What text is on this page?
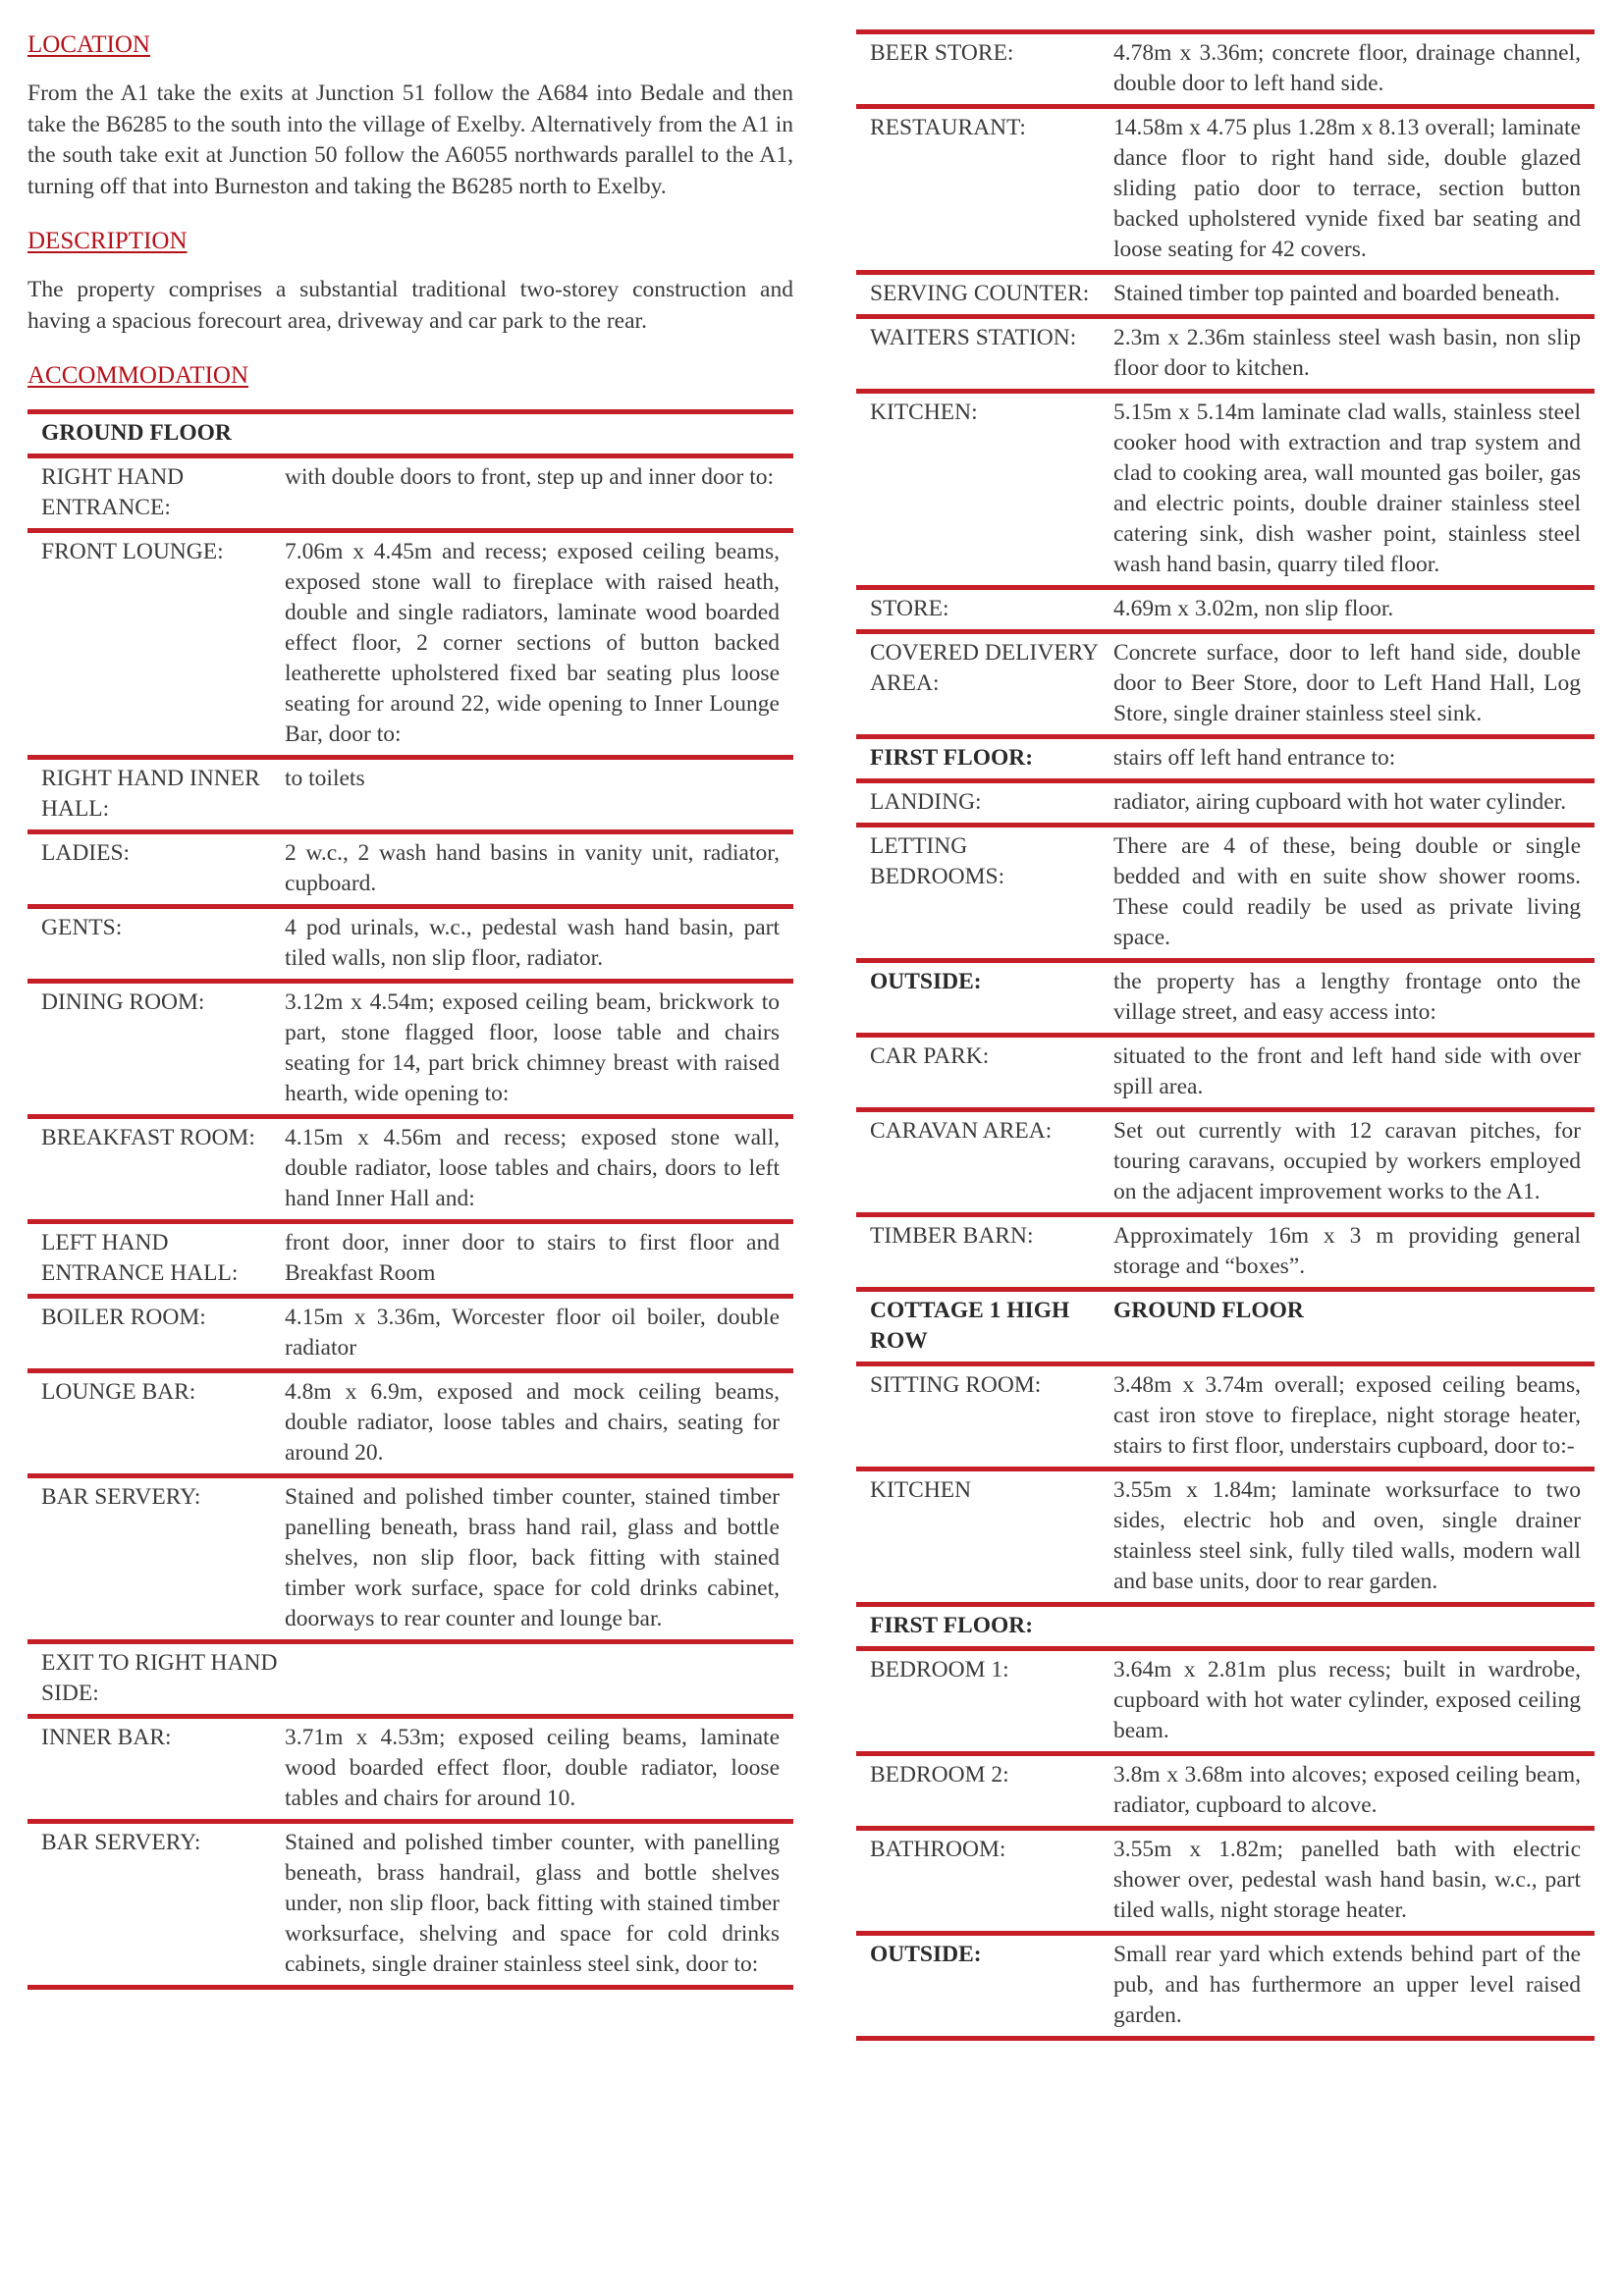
LOCATION

From the A1 take the exits at Junction 51 follow the A684 into Bedale and then take the B6285 to the south into the village of Exelby. Alternatively from the A1 in the south take exit at Junction 50 follow the A6055 northwards parallel to the A1, turning off that into Burneston and taking the B6285 north to Exelby.

DESCRIPTION

The property comprises a substantial traditional two-storey construction and having a spacious forecourt area, driveway and car park to the rear.

ACCOMMODATION
GROUND FLOOR	
RIGHT HAND ENTRANCE:	with double doors to front, step up and inner door to:
FRONT LOUNGE:	7.06m x 4.45m and recess; exposed ceiling beams, exposed stone wall to fireplace with raised heath, double and single radiators, laminate wood boarded effect floor, 2 corner sections of button backed leatherette upholstered fixed bar seating plus loose seating for around 22, wide opening to Inner Lounge Bar, door to:
RIGHT HAND INNER HALL:	to toilets
LADIES:	2 w.c., 2 wash hand basins in vanity unit, radiator, cupboard.
GENTS:	4 pod urinals, w.c., pedestal wash hand basin, part tiled walls, non slip floor, radiator.
DINING ROOM:	3.12m x 4.54m; exposed ceiling beam, brickwork to part, stone flagged floor, loose table and chairs seating for 14, part brick chimney breast with raised hearth, wide opening to:
BREAKFAST ROOM:	4.15m x 4.56m and recess; exposed stone wall, double radiator, loose tables and chairs, doors to left hand Inner Hall and:
LEFT HAND ENTRANCE HALL:	front door, inner door to stairs to first floor and Breakfast Room
BOILER ROOM:	4.15m x 3.36m, Worcester floor oil boiler, double radiator
LOUNGE BAR:	4.8m x 6.9m, exposed and mock ceiling beams, double radiator, loose tables and chairs, seating for around 20.
BAR SERVERY:	Stained and polished timber counter, stained timber panelling beneath, brass hand rail, glass and bottle shelves, non slip floor, back fitting with stained timber work surface, space for cold drinks cabinet, doorways to rear counter and lounge bar.
EXIT TO RIGHT HAND SIDE:	
INNER BAR:	3.71m x 4.53m; exposed ceiling beams, laminate wood boarded effect floor, double radiator, loose tables and chairs for around 10.
BAR SERVERY:	Stained and polished timber counter, with panelling beneath, brass handrail, glass and bottle shelves under, non slip floor, back fitting with stained timber worksurface, shelving and space for cold drinks cabinets, single drainer stainless steel sink, door to:
BEER STORE:	4.78m x 3.36m; concrete floor, drainage channel, double door to left hand side.
RESTAURANT:	14.58m x 4.75 plus 1.28m x 8.13 overall; laminate dance floor to right hand side, double glazed sliding patio door to terrace, section button backed upholstered vynide fixed bar seating and loose seating for 42 covers.
SERVING COUNTER:	Stained timber top painted and boarded beneath.
WAITERS STATION:	2.3m x 2.36m stainless steel wash basin, non slip floor door to kitchen.
KITCHEN:	5.15m x 5.14m laminate clad walls, stainless steel cooker hood with extraction and trap system and clad to cooking area, wall mounted gas boiler, gas and electric points, double drainer stainless steel catering sink, dish washer point, stainless steel wash hand basin, quarry tiled floor.
STORE:	4.69m x 3.02m, non slip floor.
COVERED DELIVERY AREA:	Concrete surface, door to left hand side, double door to Beer Store, door to Left Hand Hall, Log Store, single drainer stainless steel sink.
FIRST FLOOR:	stairs off left hand entrance to:
LANDING:	radiator, airing cupboard with hot water cylinder.
LETTING BEDROOMS:	There are 4 of these, being double or single bedded and with en suite show shower rooms. These could readily be used as private living space.
OUTSIDE:	the property has a lengthy frontage onto the village street, and easy access into:
CAR PARK:	situated to the front and left hand side with over spill area.
CARAVAN AREA:	Set out currently with 12 caravan pitches, for touring caravans, occupied by workers employed on the adjacent improvement works to the A1.
TIMBER BARN:	Approximately 16m x 3 m providing general storage and “boxes”.
COTTAGE 1 HIGH ROW	GROUND FLOOR
SITTING ROOM:	3.48m x 3.74m overall; exposed ceiling beams, cast iron stove to fireplace, night storage heater, stairs to first floor, understairs cupboard, door to:-
KITCHEN	3.55m x 1.84m; laminate worksurface to two sides, electric hob and oven, single drainer stainless steel sink, fully tiled walls, modern wall and base units, door to rear garden.
FIRST FLOOR:	
BEDROOM 1:	3.64m x 2.81m plus recess; built in wardrobe, cupboard with hot water cylinder, exposed ceiling beam.
BEDROOM 2:	3.8m x 3.68m into alcoves; exposed ceiling beam, radiator, cupboard to alcove.
BATHROOM:	3.55m x 1.82m; panelled bath with electric shower over, pedestal wash hand basin, w.c., part tiled walls, night storage heater.
OUTSIDE:	Small rear yard which extends behind part of the pub, and has furthermore an upper level raised garden.
